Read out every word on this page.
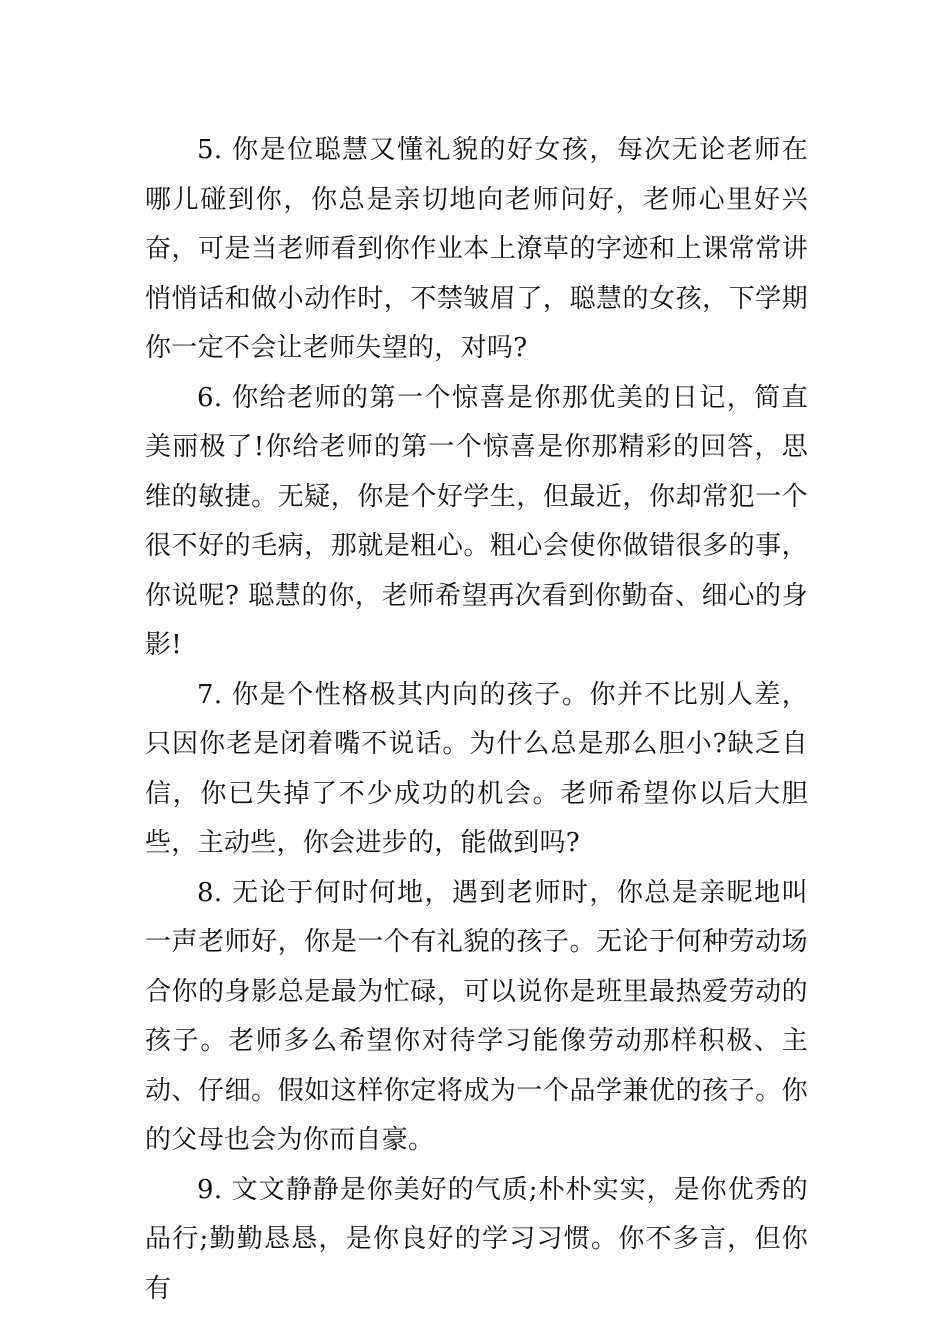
5. 你是位聪慧又懂礼貌的好女孩，每次无论老师在哪儿碰到你，你总是亲切地向老师问好，老师心里好兴奋，可是当老师看到你作业本上潦草的字迹和上课常常讲悄悄话和做小动作时，不禁皱眉了，聪慧的女孩，下学期你一定不会让老师失望的，对吗?

6. 你给老师的第一个惊喜是你那优美的日记，简直美丽极了!你给老师的第一个惊喜是你那精彩的回答，思维的敏捷。无疑，你是个好学生，但最近，你却常犯一个很不好的毛病，那就是粗心。粗心会使你做错很多的事，你说呢? 聪慧的你，老师希望再次看到你勤奋、细心的身影!

7. 你是个性格极其内向的孩子。你并不比别人差，只因你老是闭着嘴不说话。为什么总是那么胆小?缺乏自信，你已失掉了不少成功的机会。老师希望你以后大胆些，主动些，你会进步的，能做到吗?

8. 无论于何时何地，遇到老师时，你总是亲昵地叫一声老师好，你是一个有礼貌的孩子。无论于何种劳动场合你的身影总是最为忙碌，可以说你是班里最热爱劳动的孩子。老师多么希望你对待学习能像劳动那样积极、主动、仔细。假如这样你定将成为一个品学兼优的孩子。你的父母也会为你而自豪。

9. 文文静静是你美好的气质;朴朴实实，是你优秀的品行;勤勤恳恳，是你良好的学习习惯。你不多言，但你有
